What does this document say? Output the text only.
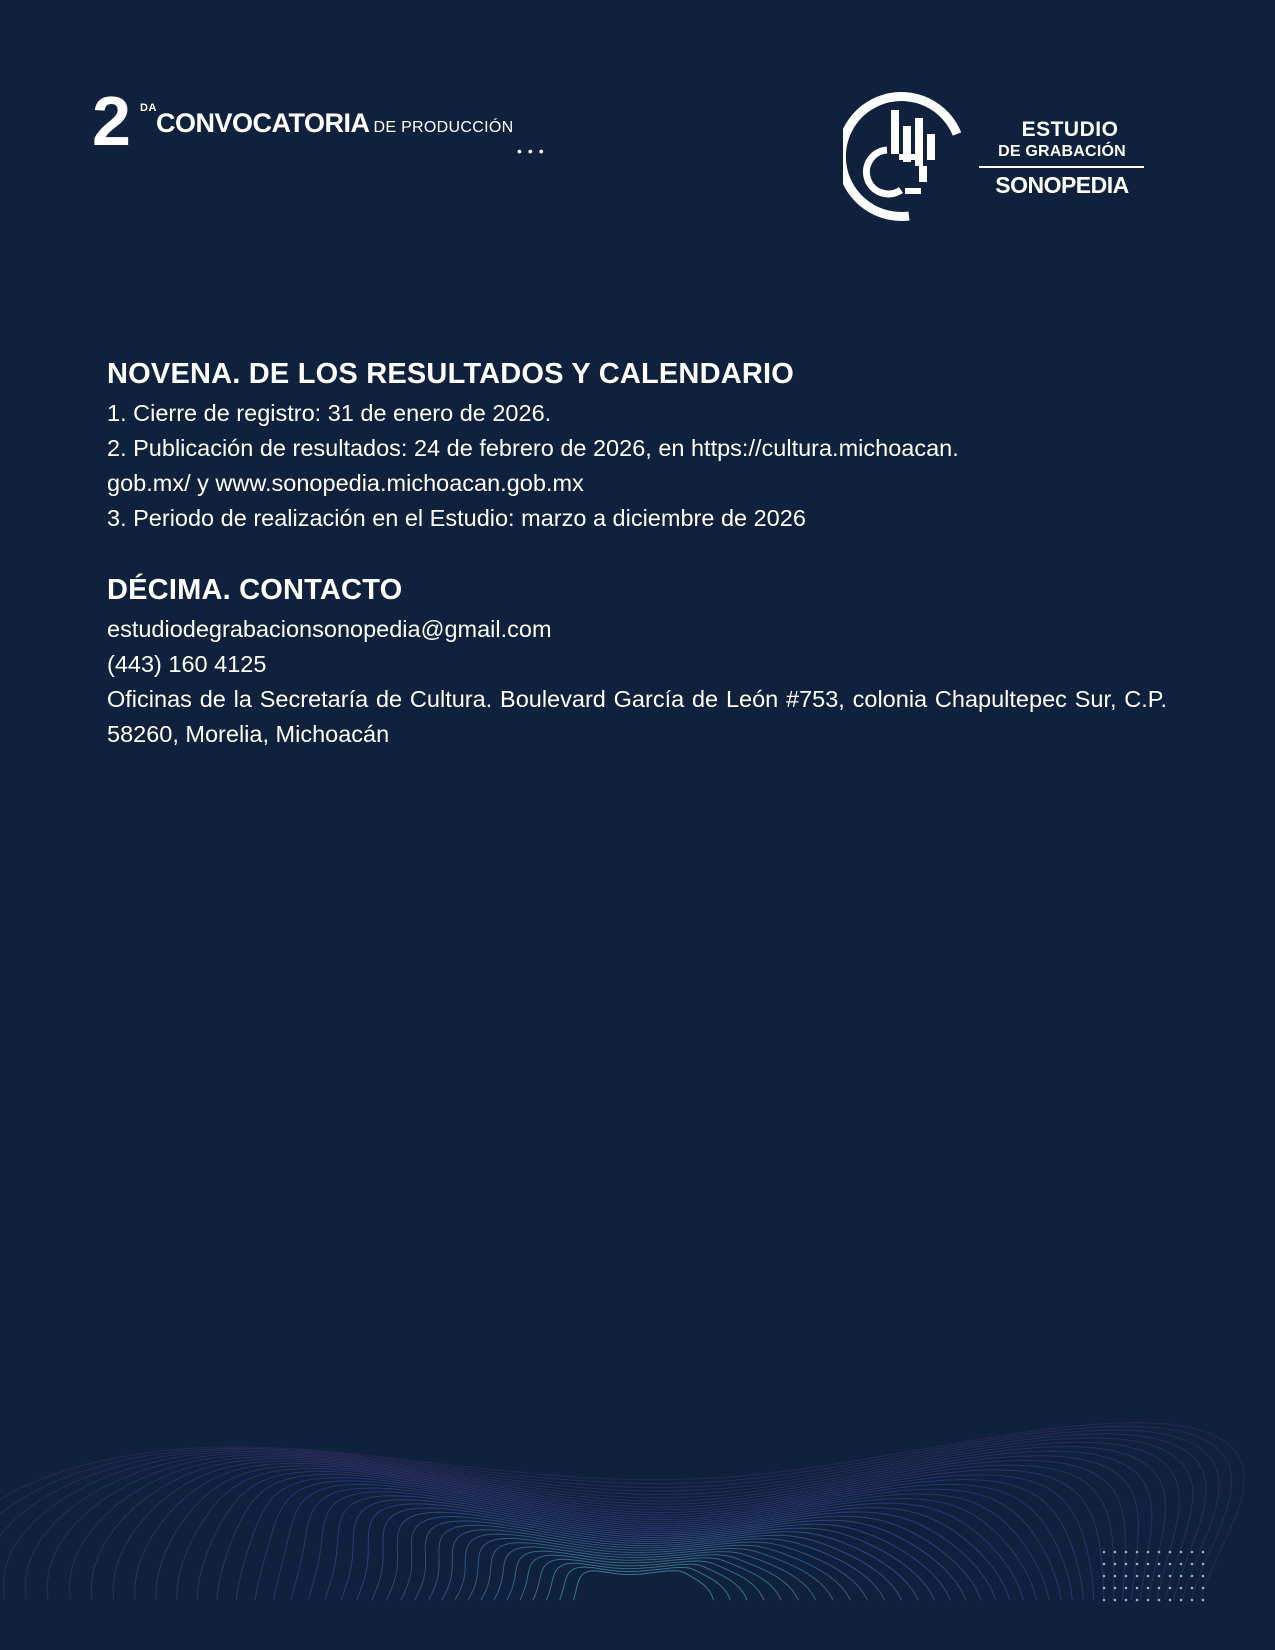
2 DA CONVOCATORIA DE PRODUCCIÓN
•••
ESTUDIO
DE GRABACIÓN
SONOPEDIA
NOVENA. DE LOS RESULTADOS Y CALENDARIO

1. Cierre de registro: 31 de enero de 2026.

2. Publicación de resultados: 24 de febrero de 2026, en https://cultura.michoacan.

gob.mx/ y www.sonopedia.michoacan.gob.mx

3. Periodo de realización en el Estudio: marzo a diciembre de 2026

DÉCIMA. CONTACTO

estudiodegrabacionsonopedia@gmail.com

(443) 160 4125

Oficinas de la Secretaría de Cultura. Boulevard García de León #753, colonia Chapultepec Sur, C.P. 58260, Morelia, Michoacán
